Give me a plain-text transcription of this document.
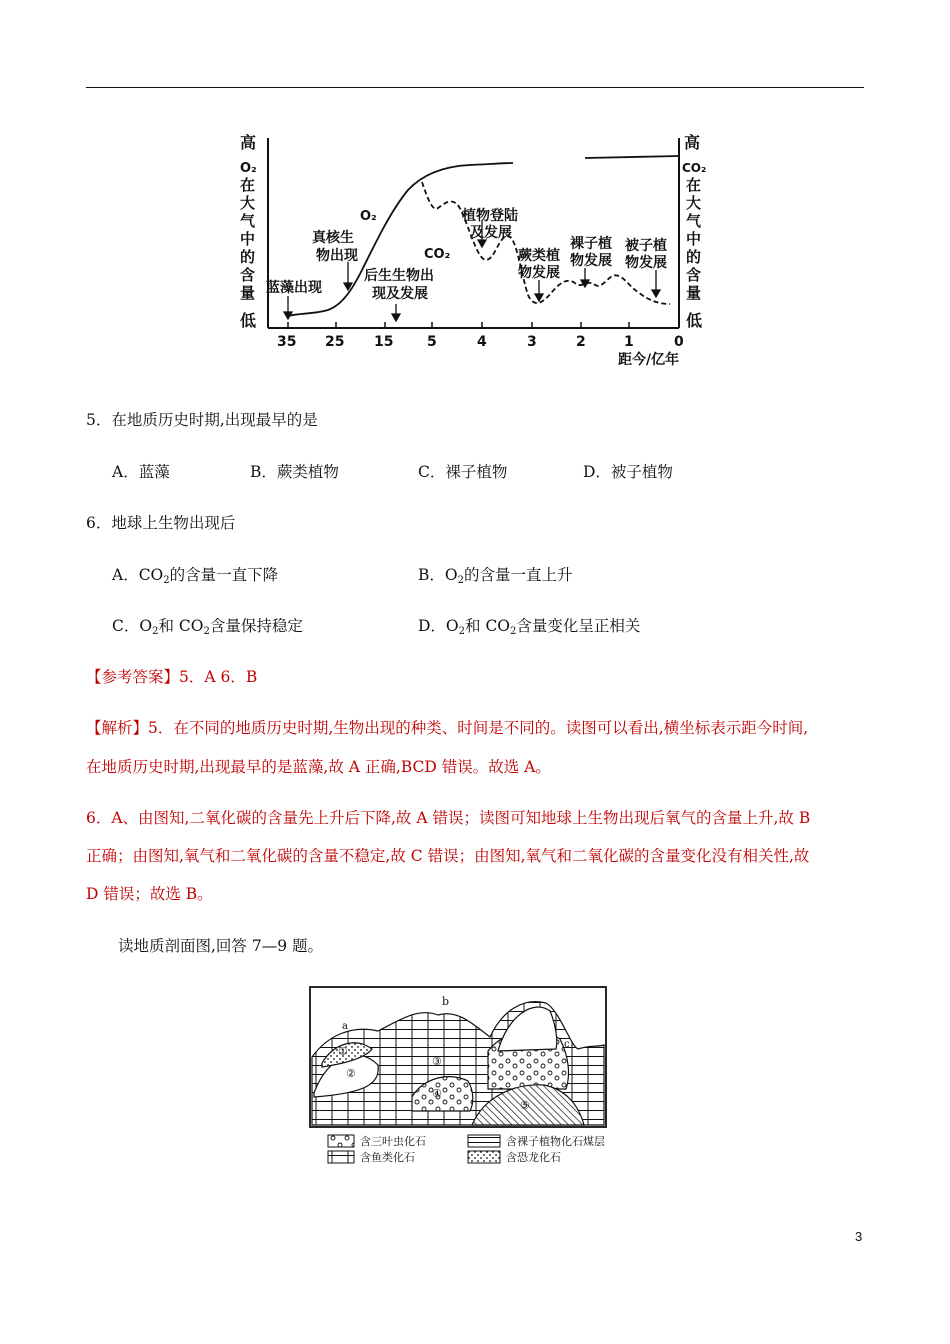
高
O₂
在
大
气
中
的
含
量
低
高
CO₂
在
大
气
中
的
含
量
低
35 25 15 5	4	3	2	1	0
距今/亿年
O₂
CO₂
蓝藻出现
真核生
物出现
后生生物出
现及发展
植物登陆
及发展
蕨类植
物发展
裸子植
物发展
被子植
物发展
5．在地质历史时期,出现最早的是
A．蓝藻	B．蕨类植物	C．裸子植物	D．被子植物
6．地球上生物出现后
A．$CO_2$的含量一直下降	B．$O_2$的含量一直上升
C．$O_2$和 $CO_2$含量保持稳定	D．$O_2$和 $CO_2$含量变化呈正相关
【参考答案】5．A 6．B
【解析】5．在不同的地质历史时期,生物出现的种类、时间是不同的。读图可以看出,横坐标表示距今时间,
在地质历史时期,出现最早的是蓝藻,故 A 正确,BCD 错误。故选 A。
6．A、由图知,二氧化碳的含量先上升后下降,故 A 错误；读图可知地球上生物出现后氧气的含量上升,故 B
正确；由图知,氧气和二氧化碳的含量不稳定,故 C 错误；由图知,氧气和二氧化碳的含量变化没有相关性,故
D 错误；故选 B。
读地质剖面图,回答 7—9 题。
a
b
c
①
②
③
④
⑤
含三叶虫化石	含裸子植物化石煤层
含鱼类化石	含恐龙化石
3
